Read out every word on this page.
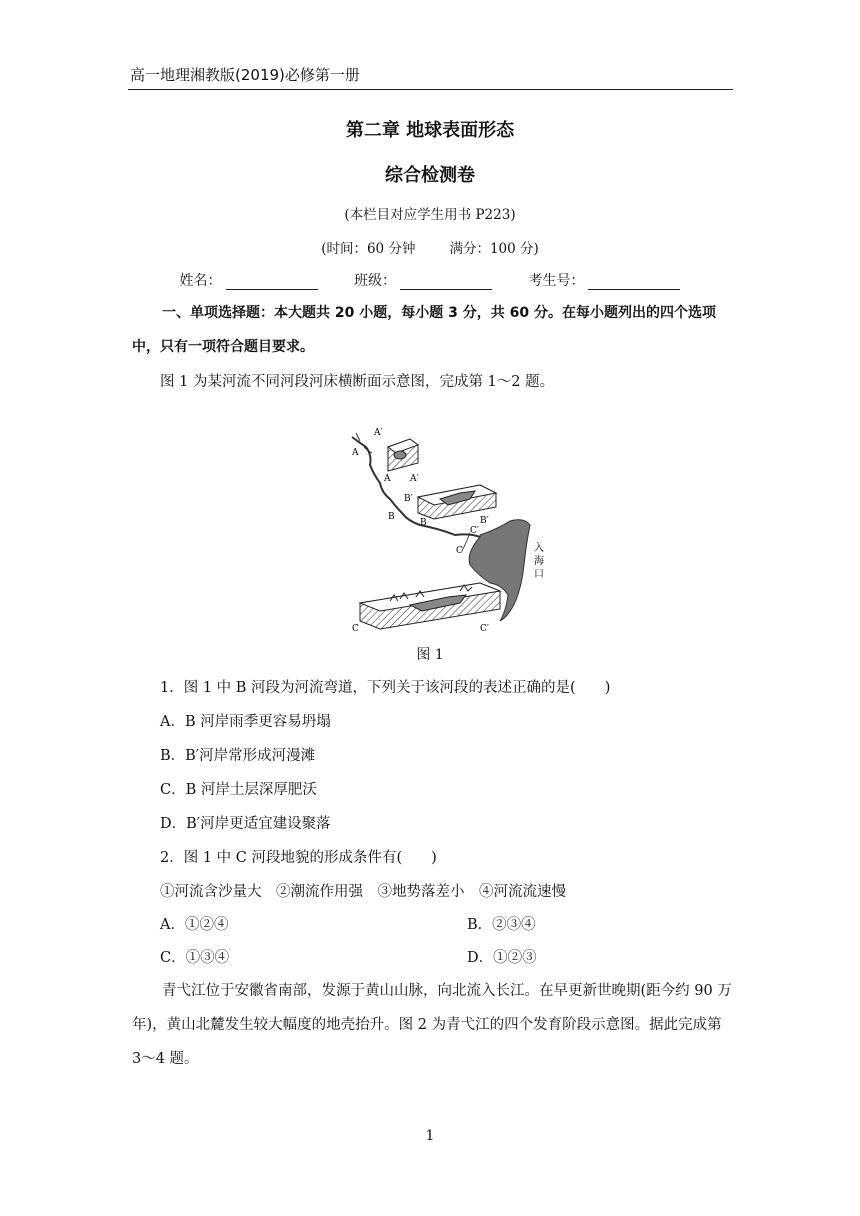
高一地理湘教版(2019)必修第一册
第二章 地球表面形态
综合检测卷
(本栏目对应学生用书 P223)
(时间：60 分钟	满分：100 分)
姓名：	班级：	考生号：
一、单项选择题：本大题共 20 小题，每小题 3 分，共 60 分。在每小题列出的四个选项中，只有一项符合题目要求。
图 1 为某河流不同河段河床横断面示意图，完成第 1～2 题。
A′
A
A A′
B′
B
B	B′
C′
C	入
海
口
C	C′
图 1
1．图 1 中 B 河段为河流弯道，下列关于该河段的表述正确的是(　　)
A．B 河岸雨季更容易坍塌
B．B′河岸常形成河漫滩
C．B 河岸土层深厚肥沃
D．B′河岸更适宜建设聚落
2．图 1 中 C 河段地貌的形成条件有(　　)
①河流含沙量大　②潮流作用强　③地势落差小　④河流流速慢
A．①②④	B．②③④
C．①③④	D．①②③
青弋江位于安徽省南部，发源于黄山山脉，向北流入长江。在早更新世晚期(距今约 90 万年)，黄山北麓发生较大幅度的地壳抬升。图 2 为青弋江的四个发育阶段示意图。据此完成第 3～4 题。
1
